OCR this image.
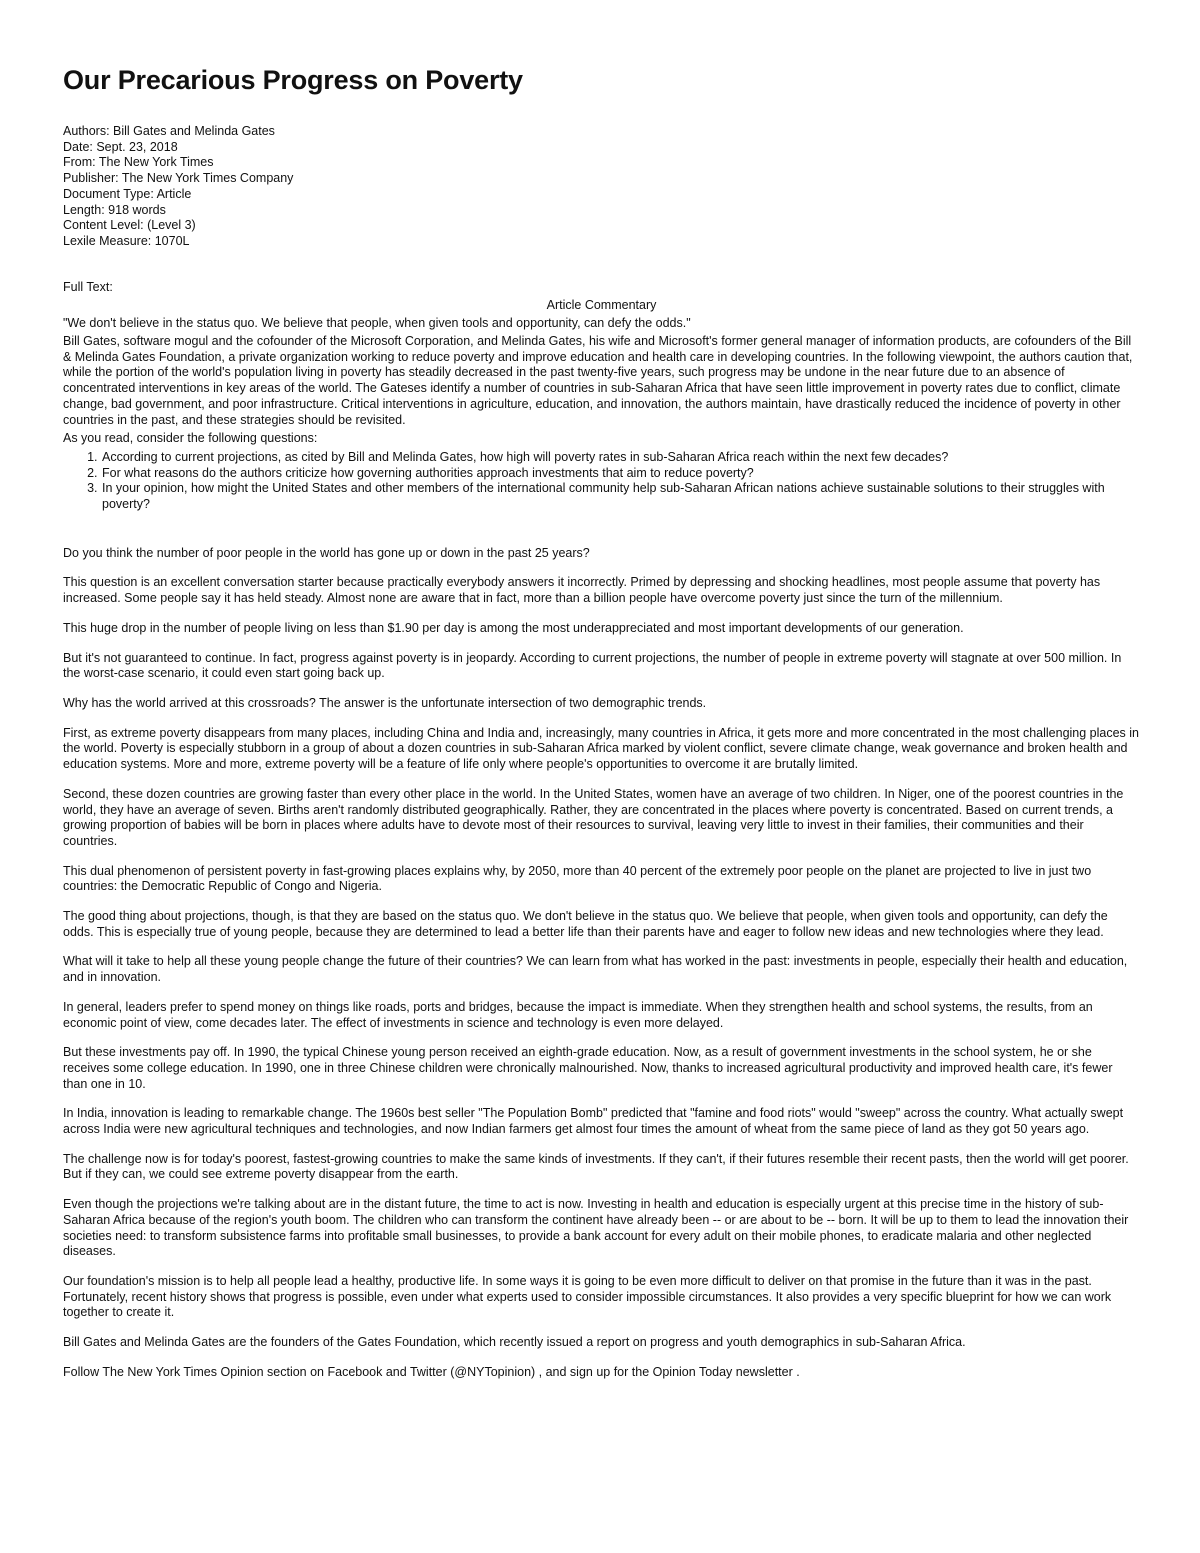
Our Precarious Progress on Poverty
Authors: Bill Gates and Melinda Gates
Date: Sept. 23, 2018
From: The New York Times
Publisher: The New York Times Company
Document Type: Article
Length: 918 words
Content Level: (Level 3)
Lexile Measure: 1070L
Full Text:
Article Commentary
"We don't believe in the status quo. We believe that people, when given tools and opportunity, can defy the odds."
Bill Gates, software mogul and the cofounder of the Microsoft Corporation, and Melinda Gates, his wife and Microsoft's former general manager of information products, are cofounders of the Bill & Melinda Gates Foundation, a private organization working to reduce poverty and improve education and health care in developing countries. In the following viewpoint, the authors caution that, while the portion of the world's population living in poverty has steadily decreased in the past twenty-five years, such progress may be undone in the near future due to an absence of concentrated interventions in key areas of the world. The Gateses identify a number of countries in sub-Saharan Africa that have seen little improvement in poverty rates due to conflict, climate change, bad government, and poor infrastructure. Critical interventions in agriculture, education, and innovation, the authors maintain, have drastically reduced the incidence of poverty in other countries in the past, and these strategies should be revisited.
As you read, consider the following questions:
1. According to current projections, as cited by Bill and Melinda Gates, how high will poverty rates in sub-Saharan Africa reach within the next few decades?
2. For what reasons do the authors criticize how governing authorities approach investments that aim to reduce poverty?
3. In your opinion, how might the United States and other members of the international community help sub-Saharan African nations achieve sustainable solutions to their struggles with poverty?

Do you think the number of poor people in the world has gone up or down in the past 25 years?

This question is an excellent conversation starter because practically everybody answers it incorrectly. Primed by depressing and shocking headlines, most people assume that poverty has increased. Some people say it has held steady. Almost none are aware that in fact, more than a billion people have overcome poverty just since the turn of the millennium.

This huge drop in the number of people living on less than $1.90 per day is among the most underappreciated and most important developments of our generation.

But it's not guaranteed to continue. In fact, progress against poverty is in jeopardy. According to current projections, the number of people in extreme poverty will stagnate at over 500 million. In the worst-case scenario, it could even start going back up.

Why has the world arrived at this crossroads? The answer is the unfortunate intersection of two demographic trends.

First, as extreme poverty disappears from many places, including China and India and, increasingly, many countries in Africa, it gets more and more concentrated in the most challenging places in the world. Poverty is especially stubborn in a group of about a dozen countries in sub-Saharan Africa marked by violent conflict, severe climate change, weak governance and broken health and education systems. More and more, extreme poverty will be a feature of life only where people's opportunities to overcome it are brutally limited.

Second, these dozen countries are growing faster than every other place in the world. In the United States, women have an average of two children. In Niger, one of the poorest countries in the world, they have an average of seven. Births aren't randomly distributed geographically. Rather, they are concentrated in the places where poverty is concentrated. Based on current trends, a growing proportion of babies will be born in places where adults have to devote most of their resources to survival, leaving very little to invest in their families, their communities and their countries.

This dual phenomenon of persistent poverty in fast-growing places explains why, by 2050, more than 40 percent of the extremely poor people on the planet are projected to live in just two countries: the Democratic Republic of Congo and Nigeria.

The good thing about projections, though, is that they are based on the status quo. We don't believe in the status quo. We believe that people, when given tools and opportunity, can defy the odds. This is especially true of young people, because they are determined to lead a better life than their parents have and eager to follow new ideas and new technologies where they lead.

What will it take to help all these young people change the future of their countries? We can learn from what has worked in the past: investments in people, especially their health and education, and in innovation.

In general, leaders prefer to spend money on things like roads, ports and bridges, because the impact is immediate. When they strengthen health and school systems, the results, from an economic point of view, come decades later. The effect of investments in science and technology is even more delayed.

But these investments pay off. In 1990, the typical Chinese young person received an eighth-grade education. Now, as a result of government investments in the school system, he or she receives some college education. In 1990, one in three Chinese children were chronically malnourished. Now, thanks to increased agricultural productivity and improved health care, it's fewer than one in 10.

In India, innovation is leading to remarkable change. The 1960s best seller "The Population Bomb" predicted that "famine and food riots" would "sweep" across the country. What actually swept across India were new agricultural techniques and technologies, and now Indian farmers get almost four times the amount of wheat from the same piece of land as they got 50 years ago.

The challenge now is for today's poorest, fastest-growing countries to make the same kinds of investments. If they can't, if their futures resemble their recent pasts, then the world will get poorer. But if they can, we could see extreme poverty disappear from the earth.

Even though the projections we're talking about are in the distant future, the time to act is now. Investing in health and education is especially urgent at this precise time in the history of sub-Saharan Africa because of the region's youth boom. The children who can transform the continent have already been -- or are about to be -- born. It will be up to them to lead the innovation their societies need: to transform subsistence farms into profitable small businesses, to provide a bank account for every adult on their mobile phones, to eradicate malaria and other neglected diseases.

Our foundation's mission is to help all people lead a healthy, productive life. In some ways it is going to be even more difficult to deliver on that promise in the future than it was in the past. Fortunately, recent history shows that progress is possible, even under what experts used to consider impossible circumstances. It also provides a very specific blueprint for how we can work together to create it.

Bill Gates and Melinda Gates are the founders of the Gates Foundation, which recently issued a report on progress and youth demographics in sub-Saharan Africa.

Follow The New York Times Opinion section on Facebook and Twitter (@NYTopinion) , and sign up for the Opinion Today newsletter .
